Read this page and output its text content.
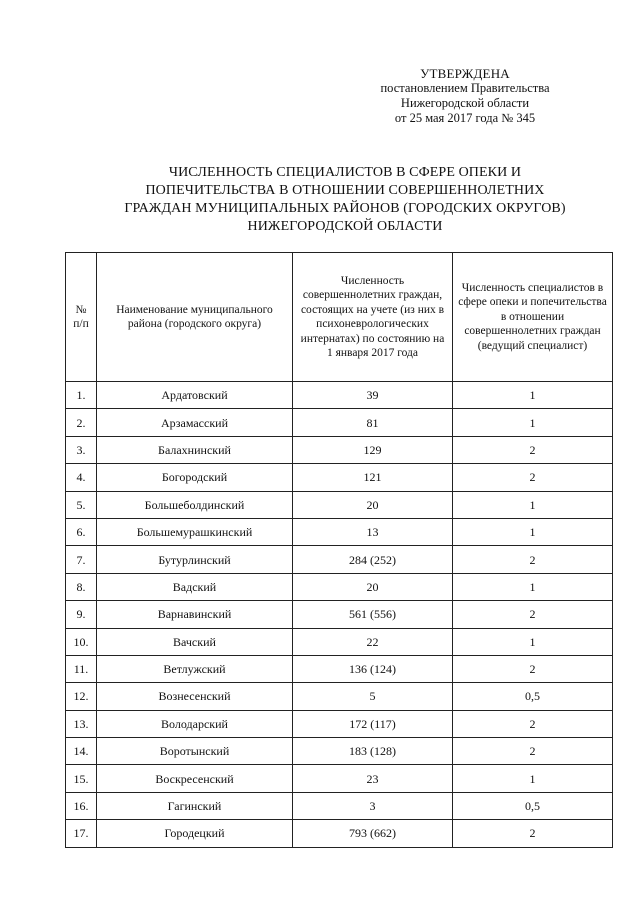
УТВЕРЖДЕНА
постановлением Правительства
Нижегородской области
от 25 мая 2017 года № 345
ЧИСЛЕННОСТЬ СПЕЦИАЛИСТОВ В СФЕРЕ ОПЕКИ И
ПОПЕЧИТЕЛЬСТВА В ОТНОШЕНИИ СОВЕРШЕННОЛЕТНИХ
ГРАЖДАН МУНИЦИПАЛЬНЫХ РАЙОНОВ (ГОРОДСКИХ ОКРУГОВ)
НИЖЕГОРОДСКОЙ ОБЛАСТИ
№ п/п	Наименование муниципального района (городского округа)	Численность совершеннолетних граждан, состоящих на учете (из них в психоневрологических интернатах) по состоянию на 1 января 2017 года	Численность специалистов в сфере опеки и попечительства в отношении совершеннолетних граждан (ведущий специалист)
1.	Ардатовский	39	1
2.	Арзамасский	81	1
3.	Балахнинский	129	2
4.	Богородский	121	2
5.	Большеболдинский	20	1
6.	Большемурашкинский	13	1
7.	Бутурлинский	284 (252)	2
8.	Вадский	20	1
9.	Варнавинский	561 (556)	2
10.	Вачский	22	1
11.	Ветлужский	136 (124)	2
12.	Вознесенский	5	0,5
13.	Володарский	172 (117)	2
14.	Воротынский	183 (128)	2
15.	Воскресенский	23	1
16.	Гагинский	3	0,5
17.	Городецкий	793 (662)	2
